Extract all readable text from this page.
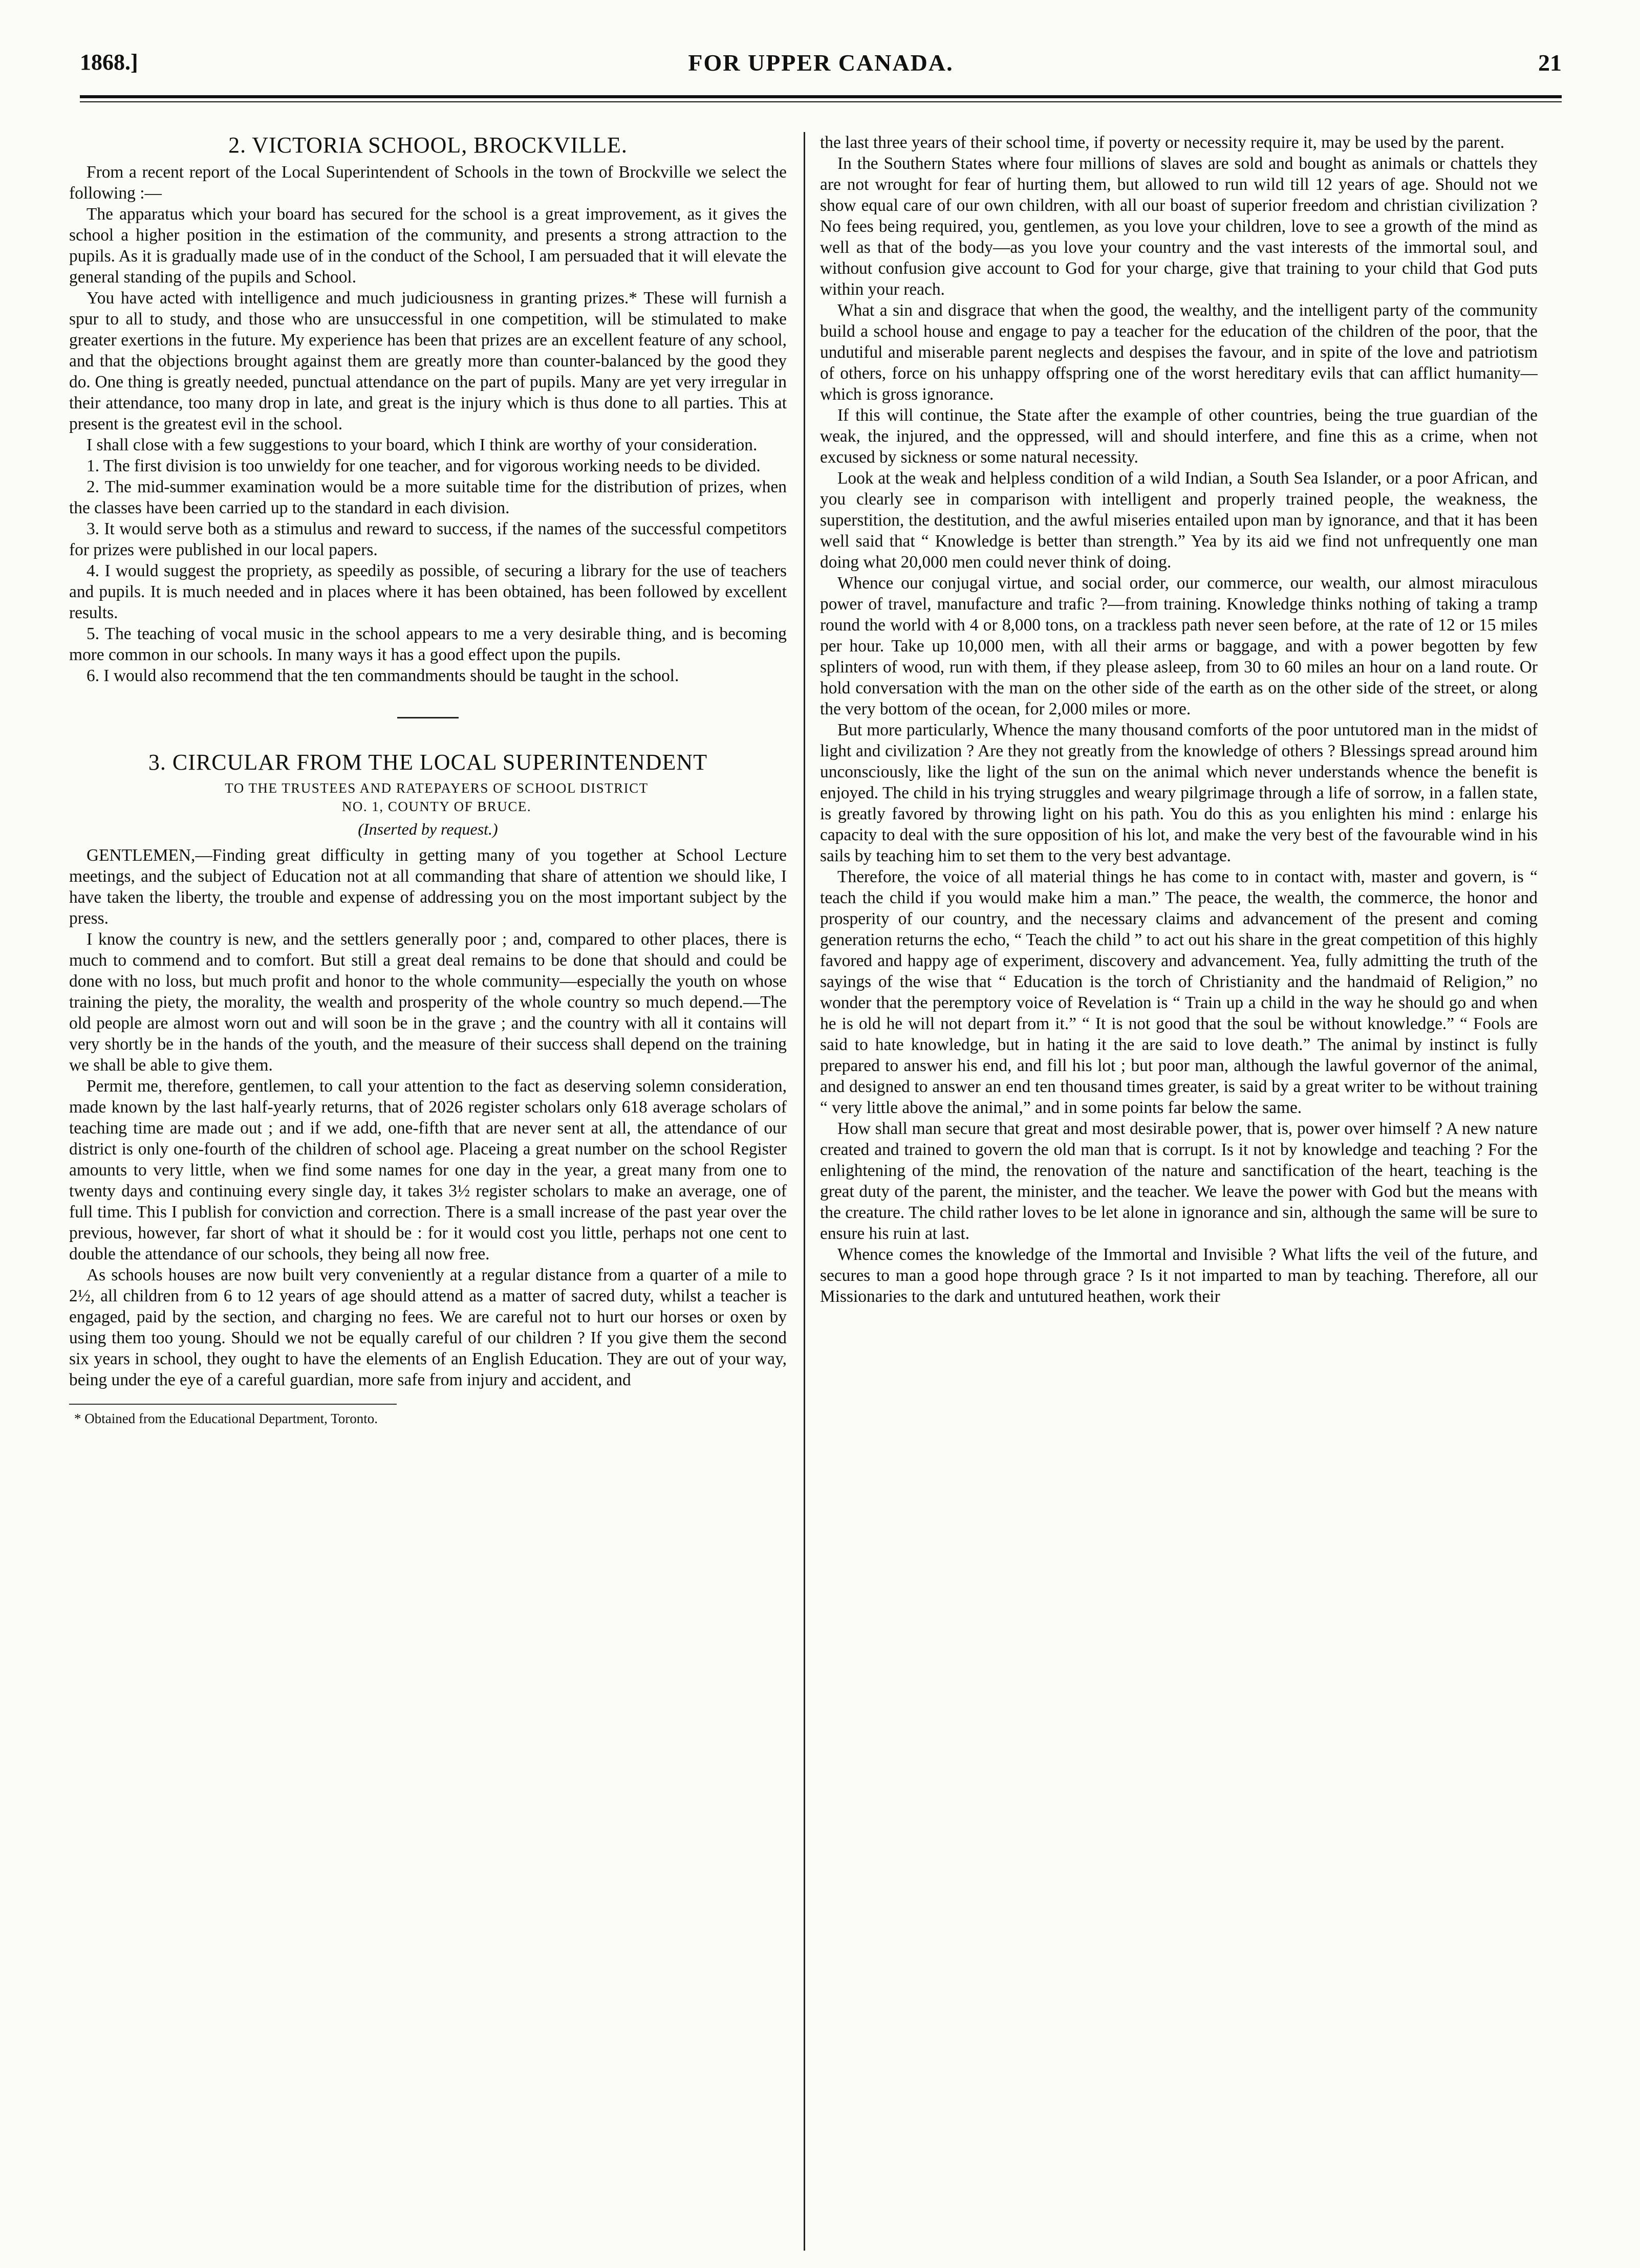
1868.]	FOR UPPER CANADA.	21
2. VICTORIA SCHOOL, BROCKVILLE.

From a recent report of the Local Superintendent of Schools in the town of Brockville we select the following :—

The apparatus which your board has secured for the school is a great improvement, as it gives the school a higher position in the estimation of the community, and presents a strong attraction to the pupils. As it is gradually made use of in the conduct of the School, I am persuaded that it will elevate the general standing of the pupils and School.

You have acted with intelligence and much judiciousness in granting prizes.* These will furnish a spur to all to study, and those who are unsuccessful in one competition, will be stimulated to make greater exertions in the future. My experience has been that prizes are an excellent feature of any school, and that the objections brought against them are greatly more than counter-balanced by the good they do. One thing is greatly needed, punctual attendance on the part of pupils. Many are yet very irregular in their attendance, too many drop in late, and great is the injury which is thus done to all parties. This at present is the greatest evil in the school.

I shall close with a few suggestions to your board, which I think are worthy of your consideration.

1. The first division is too unwieldy for one teacher, and for vigorous working needs to be divided.

2. The mid-summer examination would be a more suitable time for the distribution of prizes, when the classes have been carried up to the standard in each division.

3. It would serve both as a stimulus and reward to success, if the names of the successful competitors for prizes were published in our local papers.

4. I would suggest the propriety, as speedily as possible, of securing a library for the use of teachers and pupils. It is much needed and in places where it has been obtained, has been followed by excellent results.

5. The teaching of vocal music in the school appears to me a very desirable thing, and is becoming more common in our schools. In many ways it has a good effect upon the pupils.

6. I would also recommend that the ten commandments should be taught in the school.

3. CIRCULAR FROM THE LOCAL SUPERINTENDENT

TO THE TRUSTEES AND RATEPAYERS OF SCHOOL DISTRICT

NO. 1, COUNTY OF BRUCE.

(Inserted by request.)

GENTLEMEN,—Finding great difficulty in getting many of you together at School Lecture meetings, and the subject of Education not at all commanding that share of attention we should like, I have taken the liberty, the trouble and expense of addressing you on the most important subject by the press.

I know the country is new, and the settlers generally poor ; and, compared to other places, there is much to commend and to comfort. But still a great deal remains to be done that should and could be done with no loss, but much profit and honor to the whole community—especially the youth on whose training the piety, the morality, the wealth and prosperity of the whole country so much depend.—The old people are almost worn out and will soon be in the grave ; and the country with all it contains will very shortly be in the hands of the youth, and the measure of their success shall depend on the training we shall be able to give them.

Permit me, therefore, gentlemen, to call your attention to the fact as deserving solemn consideration, made known by the last half-yearly returns, that of 2026 register scholars only 618 average scholars of teaching time are made out ; and if we add, one-fifth that are never sent at all, the attendance of our district is only one-fourth of the children of school age. Placeing a great number on the school Register amounts to very little, when we find some names for one day in the year, a great many from one to twenty days and continuing every single day, it takes 3½ register scholars to make an average, one of full time. This I publish for conviction and correction. There is a small increase of the past year over the previous, however, far short of what it should be : for it would cost you little, perhaps not one cent to double the attendance of our schools, they being all now free.

As schools houses are now built very conveniently at a regular distance from a quarter of a mile to 2½, all children from 6 to 12 years of age should attend as a matter of sacred duty, whilst a teacher is engaged, paid by the section, and charging no fees. We are careful not to hurt our horses or oxen by using them too young. Should we not be equally careful of our children ? If you give them the second six years in school, they ought to have the elements of an English Education. They are out of your way, being under the eye of a careful guardian, more safe from injury and accident, and

* Obtained from the Educational Department, Toronto.

the last three years of their school time, if poverty or necessity require it, may be used by the parent.

In the Southern States where four millions of slaves are sold and bought as animals or chattels they are not wrought for fear of hurting them, but allowed to run wild till 12 years of age. Should not we show equal care of our own children, with all our boast of superior freedom and christian civilization ? No fees being required, you, gentlemen, as you love your children, love to see a growth of the mind as well as that of the body—as you love your country and the vast interests of the immortal soul, and without confusion give account to God for your charge, give that training to your child that God puts within your reach.

What a sin and disgrace that when the good, the wealthy, and the intelligent party of the community build a school house and engage to pay a teacher for the education of the children of the poor, that the undutiful and miserable parent neglects and despises the favour, and in spite of the love and patriotism of others, force on his unhappy offspring one of the worst hereditary evils that can afflict humanity—which is gross ignorance.

If this will continue, the State after the example of other countries, being the true guardian of the weak, the injured, and the oppressed, will and should interfere, and fine this as a crime, when not excused by sickness or some natural necessity.

Look at the weak and helpless condition of a wild Indian, a South Sea Islander, or a poor African, and you clearly see in comparison with intelligent and properly trained people, the weakness, the superstition, the destitution, and the awful miseries entailed upon man by ignorance, and that it has been well said that “ Knowledge is better than strength.” Yea by its aid we find not unfrequently one man doing what 20,000 men could never think of doing.

Whence our conjugal virtue, and social order, our commerce, our wealth, our almost miraculous power of travel, manufacture and trafic ?—from training. Knowledge thinks nothing of taking a tramp round the world with 4 or 8,000 tons, on a trackless path never seen before, at the rate of 12 or 15 miles per hour. Take up 10,000 men, with all their arms or baggage, and with a power begotten by few splinters of wood, run with them, if they please asleep, from 30 to 60 miles an hour on a land route. Or hold conversation with the man on the other side of the earth as on the other side of the street, or along the very bottom of the ocean, for 2,000 miles or more.

But more particularly, Whence the many thousand comforts of the poor untutored man in the midst of light and civilization ? Are they not greatly from the knowledge of others ? Blessings spread around him unconsciously, like the light of the sun on the animal which never understands whence the benefit is enjoyed. The child in his trying struggles and weary pilgrimage through a life of sorrow, in a fallen state, is greatly favored by throwing light on his path. You do this as you enlighten his mind : enlarge his capacity to deal with the sure opposition of his lot, and make the very best of the favourable wind in his sails by teaching him to set them to the very best advantage.

Therefore, the voice of all material things he has come to in contact with, master and govern, is “ teach the child if you would make him a man.” The peace, the wealth, the commerce, the honor and prosperity of our country, and the necessary claims and advancement of the present and coming generation returns the echo, “ Teach the child ” to act out his share in the great competition of this highly favored and happy age of experiment, discovery and advancement. Yea, fully admitting the truth of the sayings of the wise that “ Education is the torch of Christianity and the handmaid of Religion,” no wonder that the peremptory voice of Revelation is “ Train up a child in the way he should go and when he is old he will not depart from it.” “ It is not good that the soul be without knowledge.” “ Fools are said to hate knowledge, but in hating it the are said to love death.” The animal by instinct is fully prepared to answer his end, and fill his lot ; but poor man, although the lawful governor of the animal, and designed to answer an end ten thousand times greater, is said by a great writer to be without training “ very little above the animal,” and in some points far below the same.

How shall man secure that great and most desirable power, that is, power over himself ? A new nature created and trained to govern the old man that is corrupt. Is it not by knowledge and teaching ? For the enlightening of the mind, the renovation of the nature and sanctification of the heart, teaching is the great duty of the parent, the minister, and the teacher. We leave the power with God but the means with the creature. The child rather loves to be let alone in ignorance and sin, although the same will be sure to ensure his ruin at last.

Whence comes the knowledge of the Immortal and Invisible ? What lifts the veil of the future, and secures to man a good hope through grace ? Is it not imparted to man by teaching. Therefore, all our Missionaries to the dark and untutured heathen, work their
